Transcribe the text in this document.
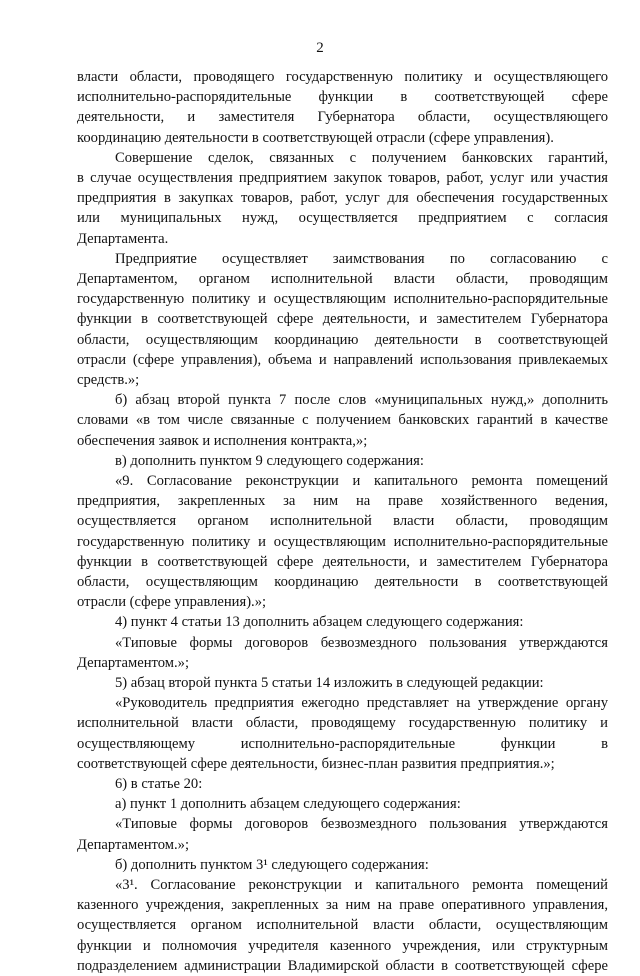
2
власти области, проводящего государственную политику и осуществляющего
исполнительно-распорядительные функции в соответствующей сфере
деятельности, и заместителя Губернатора области, осуществляющего
координацию деятельности в соответствующей отрасли (сфере управления).
Совершение сделок, связанных с получением банковских гарантий,
в случае осуществления предприятием закупок товаров, работ, услуг или участия
предприятия в закупках товаров, работ, услуг для обеспечения государственных
или муниципальных нужд, осуществляется предприятием с согласия
Департамента.
Предприятие осуществляет заимствования по согласованию с
Департаментом, органом исполнительной власти области, проводящим
государственную политику и осуществляющим исполнительно-распорядительные
функции в соответствующей сфере деятельности, и заместителем Губернатора
области, осуществляющим координацию деятельности в соответствующей
отрасли (сфере управления), объема и направлений использования привлекаемых
средств.»;
б) абзац второй пункта 7 после слов «муниципальных нужд,» дополнить
словами «в том числе связанные с получением банковских гарантий в качестве
обеспечения заявок и исполнения контракта,»;
в) дополнить пунктом 9 следующего содержания:
«9. Согласование реконструкции и капитального ремонта помещений
предприятия, закрепленных за ним на праве хозяйственного ведения,
осуществляется органом исполнительной власти области, проводящим
государственную политику и осуществляющим исполнительно-распорядительные
функции в соответствующей сфере деятельности, и заместителем Губернатора
области, осуществляющим координацию деятельности в соответствующей
отрасли (сфере управления).»;
4) пункт 4 статьи 13 дополнить абзацем следующего содержания:
«Типовые формы договоров безвозмездного пользования утверждаются
Департаментом.»;
5) абзац второй пункта 5 статьи 14 изложить в следующей редакции:
«Руководитель предприятия ежегодно представляет на утверждение органу
исполнительной власти области, проводящему государственную политику и
осуществляющему исполнительно-распорядительные функции в
соответствующей сфере деятельности, бизнес-план развития предприятия.»;
6) в статье 20:
а) пункт 1 дополнить абзацем следующего содержания:
«Типовые формы договоров безвозмездного пользования утверждаются
Департаментом.»;
б) дополнить пунктом 3¹ следующего содержания:
«3¹. Согласование реконструкции и капитального ремонта помещений
казенного учреждения, закрепленных за ним на праве оперативного управления,
осуществляется органом исполнительной власти области, осуществляющим
функции и полномочия учредителя казенного учреждения, или структурным
подразделением администрации Владимирской области в соответствующей сфере
